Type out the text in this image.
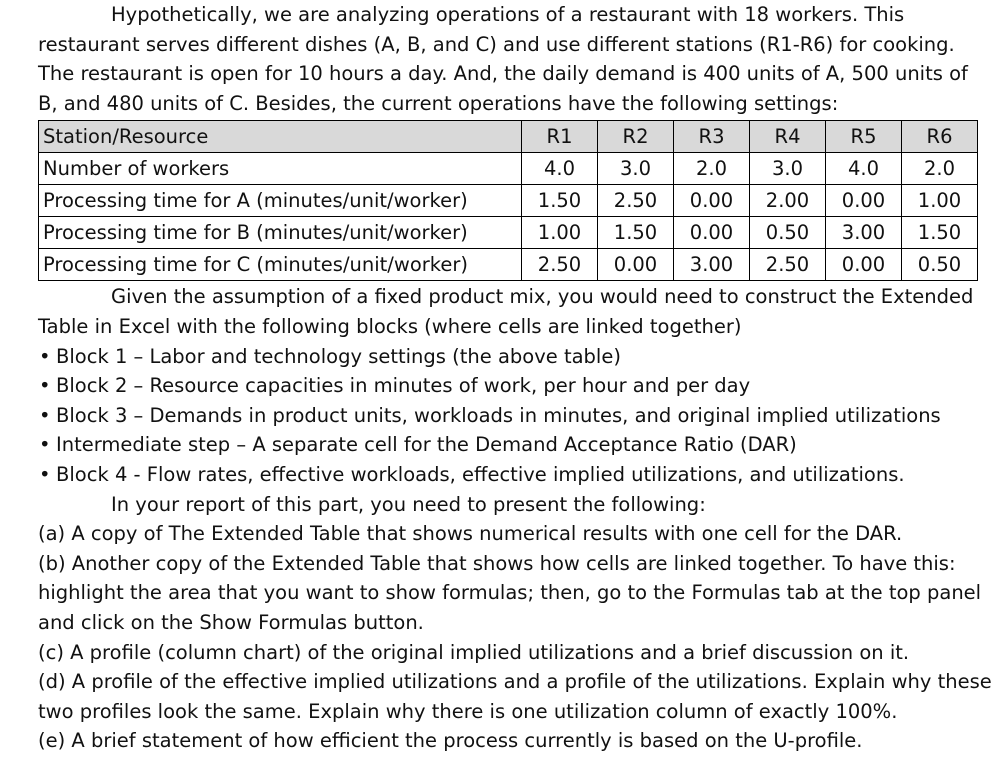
Hypothetically, we are analyzing operations of a restaurant with 18 workers. This restaurant serves different dishes (A, B, and C) and use different stations (R1-R6) for cooking. The restaurant is open for 10 hours a day. And, the daily demand is 400 units of A, 500 units of B, and 480 units of C. Besides, the current operations have the following settings:

Station/Resource	R1	R2	R3	R4	R5	R6
Number of workers	4.0	3.0	2.0	3.0	4.0	2.0
Processing time for A (minutes/unit/worker)	1.50	2.50	0.00	2.00	0.00	1.00
Processing time for B (minutes/unit/worker)	1.00	1.50	0.00	0.50	3.00	1.50
Processing time for C (minutes/unit/worker)	2.50	0.00	3.00	2.50	0.00	0.50

Given the assumption of a fixed product mix, you would need to construct the Extended Table in Excel with the following blocks (where cells are linked together)

• Block 1 – Labor and technology settings (the above table)
• Block 2 – Resource capacities in minutes of work, per hour and per day
• Block 3 – Demands in product units, workloads in minutes, and original implied utilizations
• Intermediate step – A separate cell for the Demand Acceptance Ratio (DAR)
• Block 4 - Flow rates, effective workloads, effective implied utilizations, and utilizations.

In your report of this part, you need to present the following:

(a) A copy of The Extended Table that shows numerical results with one cell for the DAR.

(b) Another copy of the Extended Table that shows how cells are linked together. To have this: highlight the area that you want to show formulas; then, go to the Formulas tab at the top panel and click on the Show Formulas button.

(c) A profile (column chart) of the original implied utilizations and a brief discussion on it.

(d) A profile of the effective implied utilizations and a profile of the utilizations. Explain why these two profiles look the same. Explain why there is one utilization column of exactly 100%.

(e) A brief statement of how efficient the process currently is based on the U-profile.
